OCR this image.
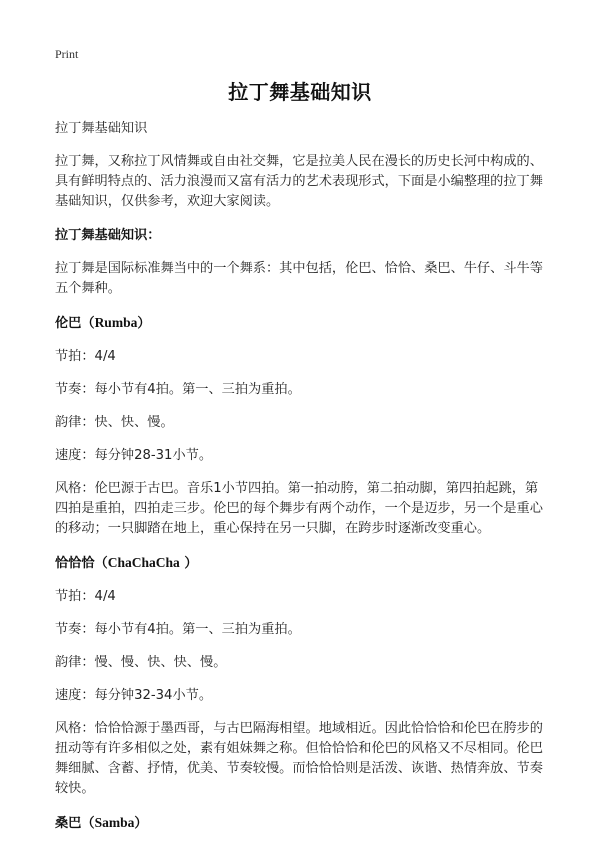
Print
拉丁舞基础知识

拉丁舞基础知识

拉丁舞，又称拉丁风情舞或自由社交舞，它是拉美人民在漫长的历史长河中构成的、具有鲜明特点的、活力浪漫而又富有活力的艺术表现形式，下面是小编整理的拉丁舞基础知识，仅供参考，欢迎大家阅读。

拉丁舞基础知识：

拉丁舞是国际标准舞当中的一个舞系：其中包括，伦巴、恰恰、桑巴、牛仔、斗牛等五个舞种。

伦巴（Rumba）

节拍：4/4

节奏：每小节有4拍。第一、三拍为重拍。

韵律：快、快、慢。

速度：每分钟28-31小节。

风格：伦巴源于古巴。音乐1小节四拍。第一拍动胯，第二拍动脚，第四拍起跳，第四拍是重拍，四拍走三步。伦巴的每个舞步有两个动作，一个是迈步，另一个是重心的移动；一只脚踏在地上，重心保持在另一只脚，在跨步时逐渐改变重心。

恰恰恰（ChaChaCha ）

节拍：4/4

节奏：每小节有4拍。第一、三拍为重拍。

韵律：慢、慢、快、快、慢。

速度：每分钟32-34小节。

风格：恰恰恰源于墨西哥，与古巴隔海相望。地域相近。因此恰恰恰和伦巴在胯步的扭动等有许多相似之处，素有姐妹舞之称。但恰恰恰和伦巴的风格又不尽相同。伦巴舞细腻、含蓄、抒情，优美、节奏较慢。而恰恰恰则是活泼、诙谐、热情奔放、节奏较快。

桑巴（Samba）
